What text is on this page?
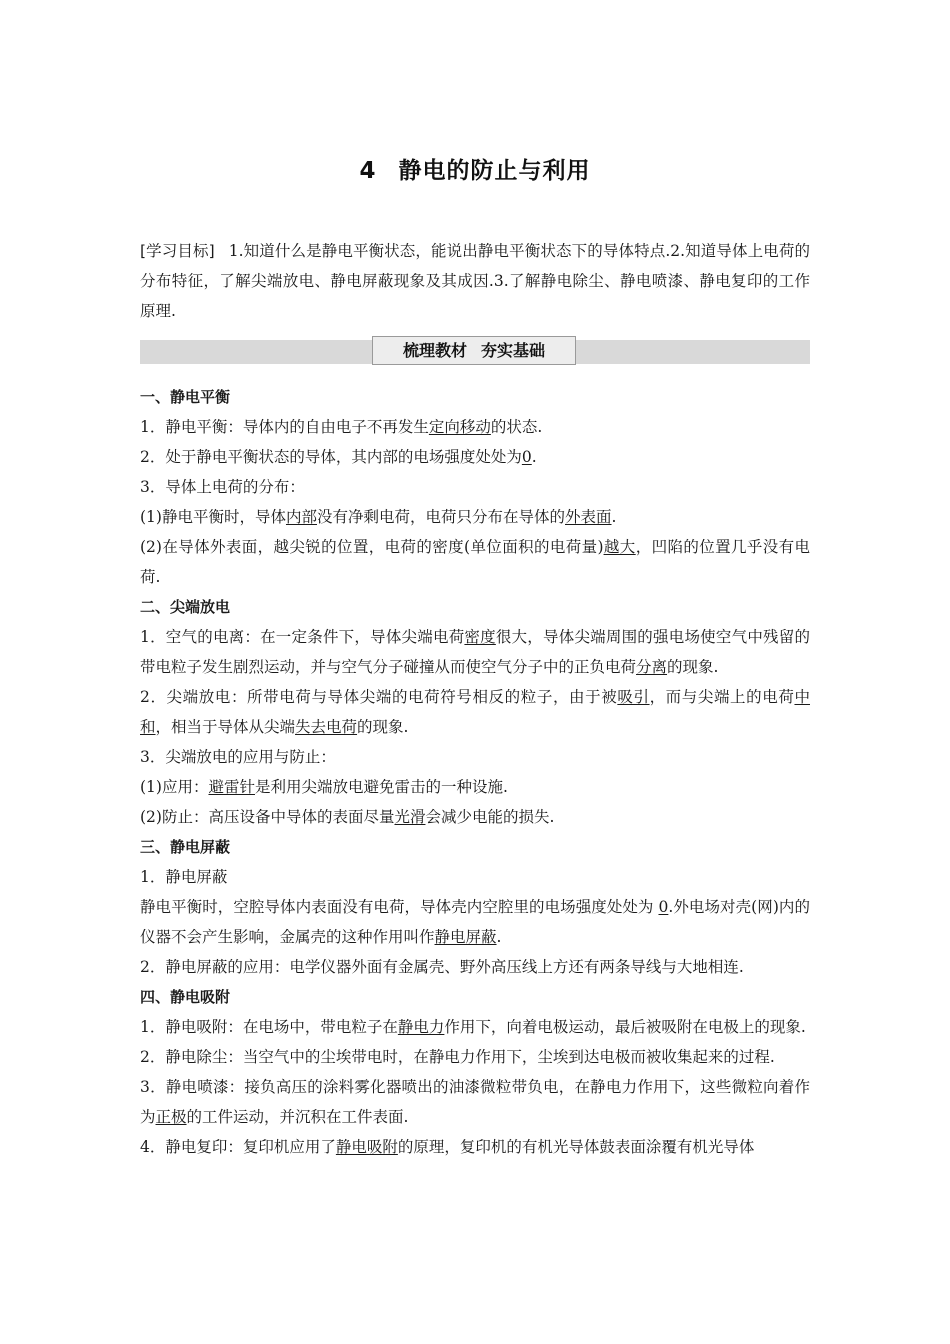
4 静电的防止与利用
[学习目标] 1.知道什么是静电平衡状态，能说出静电平衡状态下的导体特点.2.知道导体上电荷的分布特征，了解尖端放电、静电屏蔽现象及其成因.3.了解静电除尘、静电喷漆、静电复印的工作原理.
梳理教材 夯实基础

一、静电平衡

1．静电平衡：导体内的自由电子不再发生定向移动的状态.

2．处于静电平衡状态的导体，其内部的电场强度处处为0.

3．导体上电荷的分布：

(1)静电平衡时，导体内部没有净剩电荷，电荷只分布在导体的外表面.

(2)在导体外表面，越尖锐的位置，电荷的密度(单位面积的电荷量)越大，凹陷的位置几乎没有电荷.

二、尖端放电

1．空气的电离：在一定条件下，导体尖端电荷密度很大，导体尖端周围的强电场使空气中残留的带电粒子发生剧烈运动，并与空气分子碰撞从而使空气分子中的正负电荷分离的现象.

2．尖端放电：所带电荷与导体尖端的电荷符号相反的粒子，由于被吸引，而与尖端上的电荷中和，相当于导体从尖端失去电荷的现象.

3．尖端放电的应用与防止：

(1)应用：避雷针是利用尖端放电避免雷击的一种设施.

(2)防止：高压设备中导体的表面尽量光滑会减少电能的损失.

三、静电屏蔽

1．静电屏蔽

静电平衡时，空腔导体内表面没有电荷，导体壳内空腔里的电场强度处处为 0.外电场对壳(网)内的仪器不会产生影响，金属壳的这种作用叫作静电屏蔽.

2．静电屏蔽的应用：电学仪器外面有金属壳、野外高压线上方还有两条导线与大地相连.

四、静电吸附

1．静电吸附：在电场中，带电粒子在静电力作用下，向着电极运动，最后被吸附在电极上的现象.

2．静电除尘：当空气中的尘埃带电时，在静电力作用下，尘埃到达电极而被收集起来的过程.

3．静电喷漆：接负高压的涂料雾化器喷出的油漆微粒带负电，在静电力作用下，这些微粒向着作为正极的工件运动，并沉积在工件表面.

4．静电复印：复印机应用了静电吸附的原理，复印机的有机光导体鼓表面涂覆有机光导体
